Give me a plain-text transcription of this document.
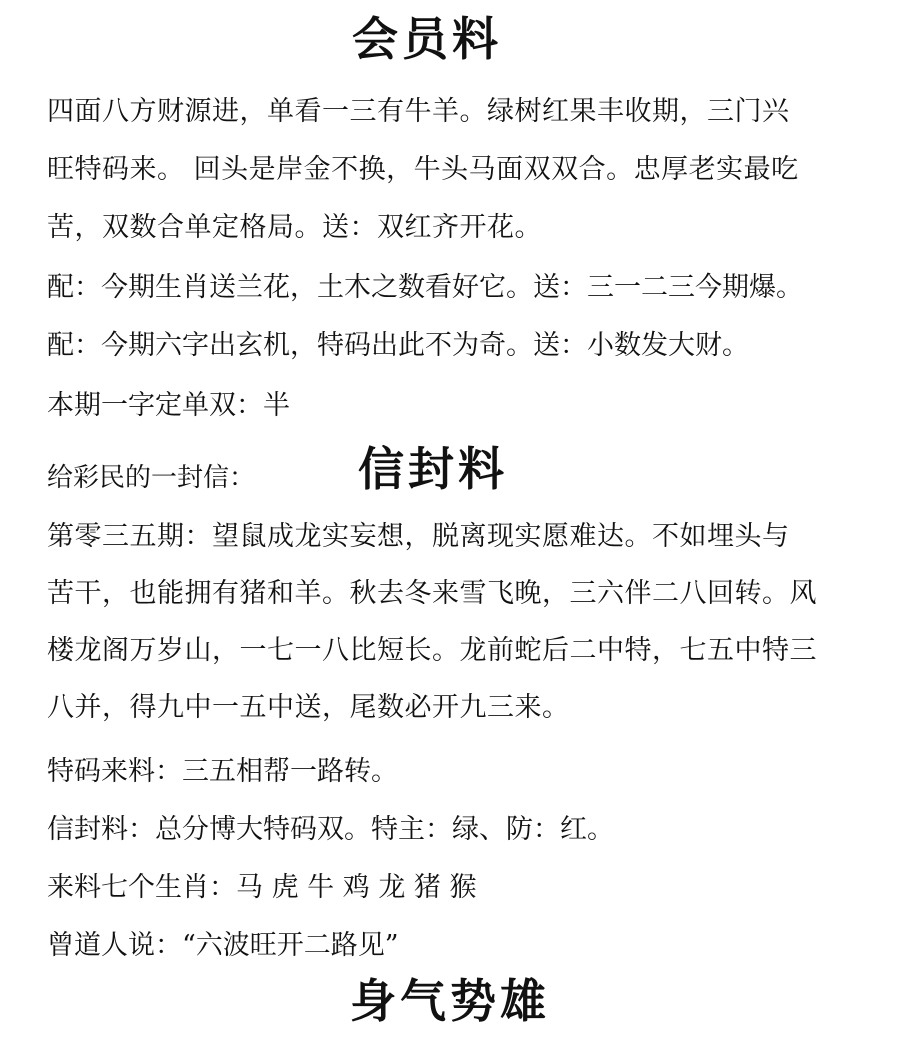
会员料
四面八方财源进，单看一三有牛羊。绿树红果丰收期，三门兴
旺特码来。 回头是岸金不换，牛头马面双双合。忠厚老实最吃
苦，双数合单定格局。送：双红齐开花。
配：今期生肖送兰花，土木之数看好它。送：三一二三今期爆。
配：今期六字出玄机，特码出此不为奇。送：小数发大财。
本期一字定单双：半
给彩民的一封信： 信封料
第零三五期：望鼠成龙实妄想，脱离现实愿难达。不如埋头与
苦干，也能拥有猪和羊。秋去冬来雪飞晚，三六伴二八回转。风
楼龙阁万岁山，一七一八比短长。龙前蛇后二中特，七五中特三
八并，得九中一五中送，尾数必开九三来。
特码来料：三五相帮一路转。
信封料：总分博大特码双。特主：绿、防：红。
来料七个生肖：马 虎 牛 鸡 龙 猪 猴
曾道人说：“六波旺开二路见”
身气势雄
